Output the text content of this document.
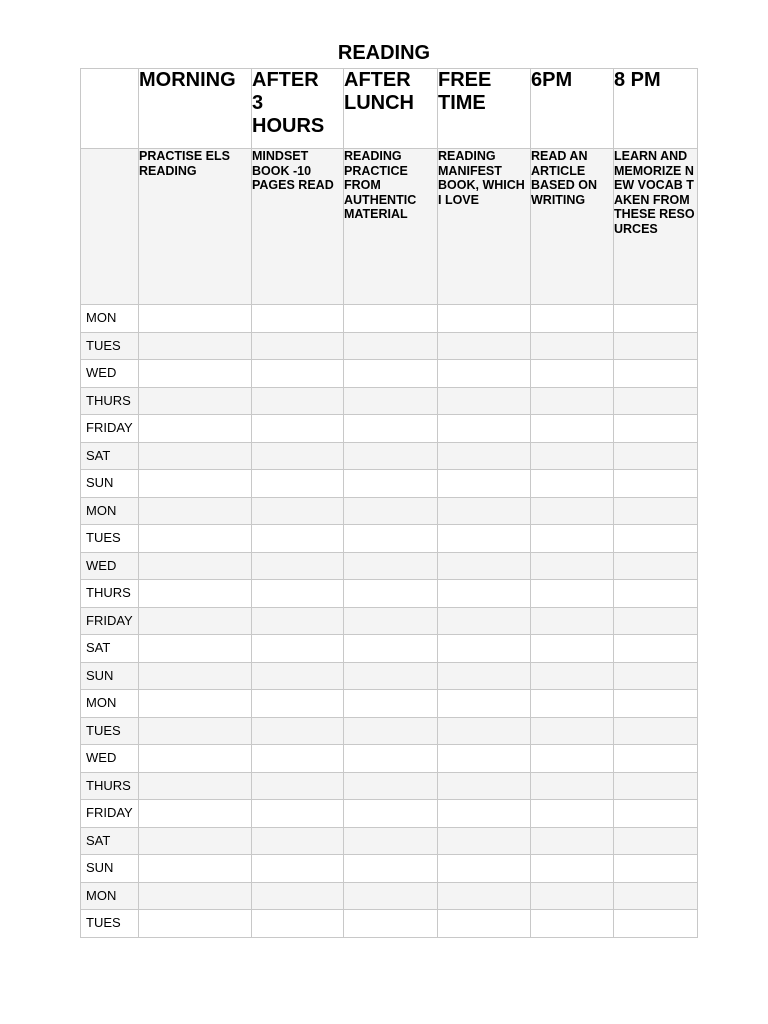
READING
	MORNING	AFTER 3 HOURS	AFTER LUNCH	FREE TIME	6PM	8 PM
	PRACTISE ELS READING	MINDSET BOOK -10 PAGES READ	READING PRACTICE FROM AUTHENTIC MATERIAL	READING MANIFEST BOOK, WHICH I LOVE	READ AN ARTICLE BASED ON WRITING	LEARN AND MEMORIZE NEW VOCAB TAKEN FROM THESE RESOURCES
MON						
TUES						
WED						
THURS						
FRIDAY						
SAT						
SUN						
MON						
TUES						
WED						
THURS						
FRIDAY						
SAT						
SUN						
MON						
TUES						
WED						
THURS						
FRIDAY						
SAT						
SUN						
MON						
TUES						
